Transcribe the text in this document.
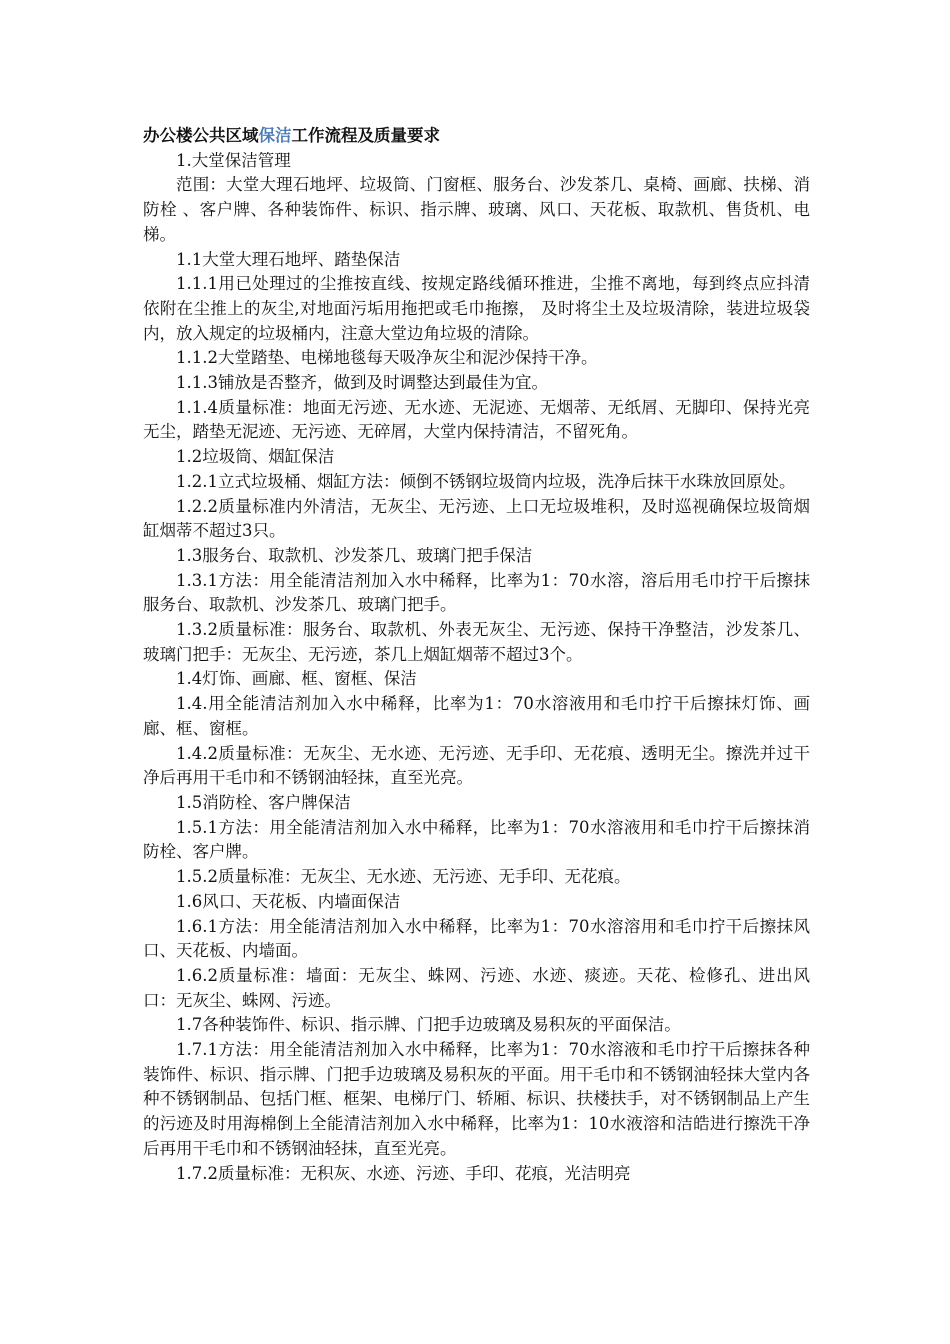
办公楼公共区域保洁工作流程及质量要求

1.大堂保洁管理

范围：大堂大理石地坪、垃圾筒、门窗框、服务台、沙发茶几、桌椅、画廊、扶梯、消防栓 、客户牌、各种装饰件、标识、指示牌、玻璃、风口、天花板、取款机、售货机、电梯。

1.1大堂大理石地坪、踏垫保洁

1.1.1用已处理过的尘推按直线、按规定路线循环推进，尘推不离地，每到终点应抖清依附在尘推上的灰尘,对地面污垢用拖把或毛巾拖擦， 及时将尘土及垃圾清除，装进垃圾袋内，放入规定的垃圾桶内，注意大堂边角垃圾的清除。

1.1.2大堂踏垫、电梯地毯每天吸净灰尘和泥沙保持干净。

1.1.3铺放是否整齐，做到及时调整达到最佳为宜。

1.1.4质量标准：地面无污迹、无水迹、无泥迹、无烟蒂、无纸屑、无脚印、保持光亮无尘，踏垫无泥迹、无污迹、无碎屑，大堂内保持清洁，不留死角。

1.2垃圾筒、烟缸保洁

1.2.1立式垃圾桶、烟缸方法：倾倒不锈钢垃圾筒内垃圾，洗净后抹干水珠放回原处。

1.2.2质量标准内外清洁，无灰尘、无污迹、上口无垃圾堆积，及时巡视确保垃圾筒烟缸烟蒂不超过3只。

1.3服务台、取款机、沙发茶几、玻璃门把手保洁

1.3.1方法：用全能清洁剂加入水中稀释，比率为1：70水溶，溶后用毛巾拧干后擦抹服务台、取款机、沙发茶几、玻璃门把手。

1.3.2质量标准：服务台、取款机、外表无灰尘、无污迹、保持干净整洁，沙发茶几、玻璃门把手：无灰尘、无污迹，茶几上烟缸烟蒂不超过3个。

1.4灯饰、画廊、框、窗框、保洁

1.4.用全能清洁剂加入水中稀释，比率为1：70水溶液用和毛巾拧干后擦抹灯饰、画廊、框、窗框。

1.4.2质量标准：无灰尘、无水迹、无污迹、无手印、无花痕、透明无尘。擦洗并过干净后再用干毛巾和不锈钢油轻抹，直至光亮。

1.5消防栓、客户牌保洁

1.5.1方法：用全能清洁剂加入水中稀释，比率为1：70水溶液用和毛巾拧干后擦抹消防栓、客户牌。

1.5.2质量标准：无灰尘、无水迹、无污迹、无手印、无花痕。

1.6风口、天花板、内墙面保洁

1.6.1方法：用全能清洁剂加入水中稀释，比率为1：70水溶溶用和毛巾拧干后擦抹风口、天花板、内墙面。

1.6.2质量标准：墙面：无灰尘、蛛网、污迹、水迹、痰迹。天花、检修孔、进出风口：无灰尘、蛛网、污迹。

1.7各种装饰件、标识、指示牌、门把手边玻璃及易积灰的平面保洁。

1.7.1方法：用全能清洁剂加入水中稀释，比率为1：70水溶液和毛巾拧干后擦抹各种装饰件、标识、指示牌、门把手边玻璃及易积灰的平面。用干毛巾和不锈钢油轻抹大堂内各种不锈钢制品、包括门框、框架、电梯厅门、轿厢、标识、扶楼扶手，对不锈钢制品上产生的污迹及时用海棉倒上全能清洁剂加入水中稀释，比率为1：10水液溶和洁皓进行擦洗干净后再用干毛巾和不锈钢油轻抹，直至光亮。

1.7.2质量标准：无积灰、水迹、污迹、手印、花痕，光洁明亮
